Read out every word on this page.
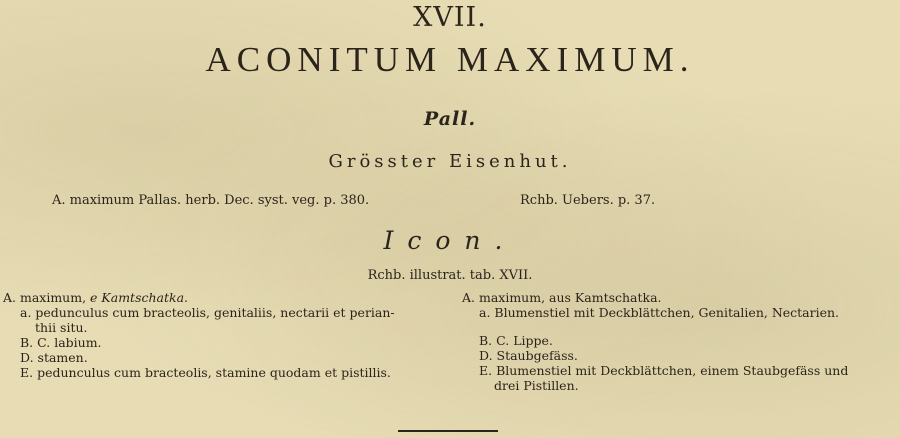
XVII.
ACONITUM MAXIMUM.
Pall.
Grösster Eisenhut.
A. maximum Pallas. herb. Dec. syst. veg. p. 380.	Rchb. Uebers. p. 37.
Icon.
Rchb. illustrat. tab. XVII.
A. maximum, e Kamtschatka.
a. pedunculus cum bracteolis, genitaliis, nectarii et perian-
thii situ.
B. C. labium.
D. stamen.
E. pedunculus cum bracteolis, stamine quodam et pistillis.
A. maximum, aus Kamtschatka.
a. Blumenstiel mit Deckblättchen, Genitalien, Nectarien.
B. C. Lippe.
D. Staubgefäss.
E. Blumenstiel mit Deckblättchen, einem Staubgefäss und
drei Pistillen.
